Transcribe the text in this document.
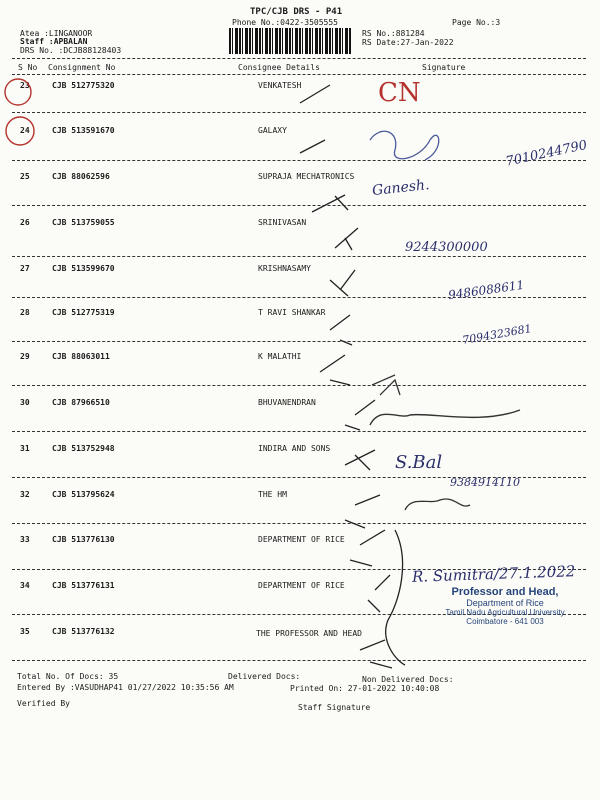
TPC/CJB DRS - P41
Phone No.:0422-3505555	Page No.:3
Atea :LINGANOOR
Staff :APBALAN
DRS No. :DCJB88128403
RS No.:881284
RS Date:27-Jan-2022
S No Consignment No	Consignee Details	Signature
23	CJB 512775320	VENKATESH
24	CJB 513591670	GALAXY
25	CJB 88062596	SUPRAJA MECHATRONICS
26	CJB 513759055	SRINIVASAN
27	CJB 513599670	KRISHNASAMY
28	CJB 512775319	T RAVI SHANKAR
29	CJB 88063011	K MALATHI
30	CJB 87966510	BHUVANENDRAN
31	CJB 513752948	INDIRA AND SONS
32	CJB 513795624	THE HM
33	CJB 513776130	DEPARTMENT OF RICE
34	CJB 513776131	DEPARTMENT OF RICE
35	CJB 513776132	THE PROFESSOR AND HEAD
CN
7010244790
Ganesh.
9244300000
9486088611
7094323681
S.Bal
9384914110
R. Sumitra/27.1.2022
Professor and Head,
Department of Rice
Tamil Nadu Agricultural University
Coimbatore - 641 003
Total No. Of Docs: 35	Delivered Docs:	Non Delivered Docs:
Entered By :VASUDHAP41 01/27/2022 10:35:56 AM	Printed On: 27-01-2022 10:40:08
Verified By	Staff Signature
